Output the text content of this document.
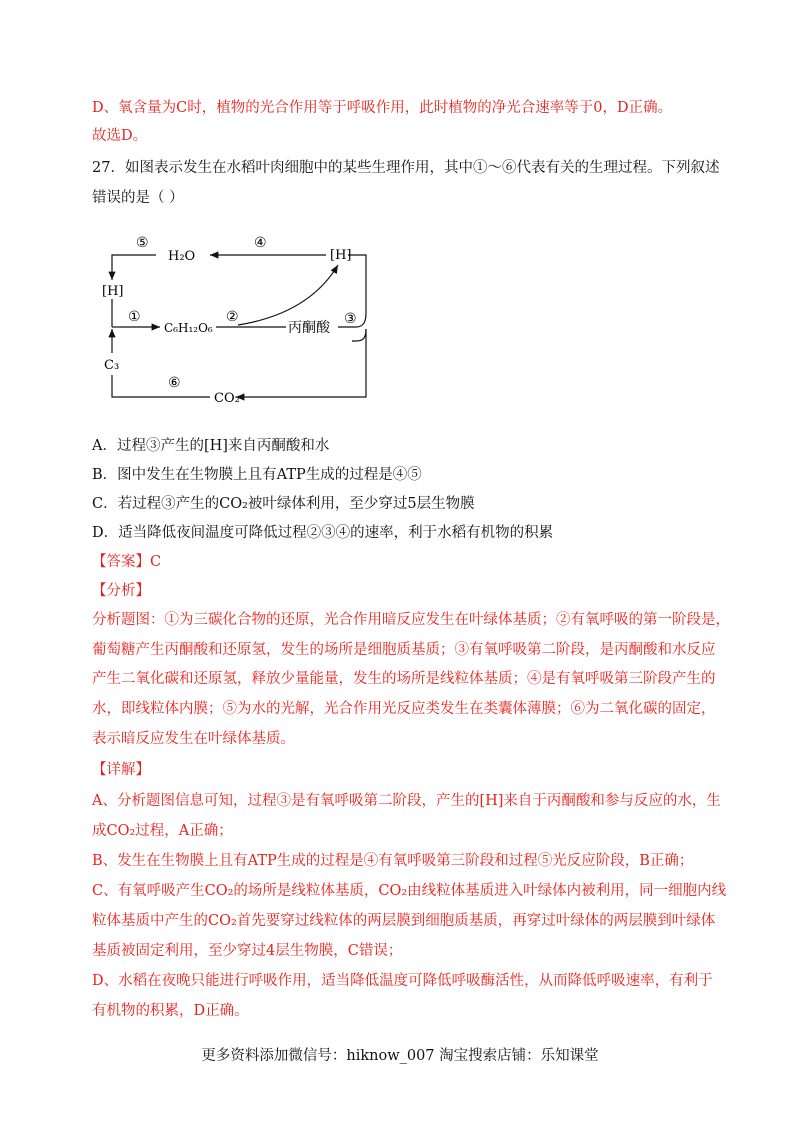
D、氧含量为C时，植物的光合作用等于呼吸作用，此时植物的净光合速率等于0，D正确。
故选D。
27．如图表示发生在水稻叶肉细胞中的某些生理作用，其中①～⑥代表有关的生理过程。下列叙述
错误的是（ ）
⑤	④
①	②	③
⑥
H₂O	[H]
[H]
C₆H₁₂O₆	丙酮酸
CO₂
C₃
A．过程③产生的[H]来自丙酮酸和水
B．图中发生在生物膜上且有ATP生成的过程是④⑤
C．若过程③产生的CO₂被叶绿体利用，至少穿过5层生物膜
D．适当降低夜间温度可降低过程②③④的速率，利于水稻有机物的积累
【答案】C
【分析】
分析题图：①为三碳化合物的还原，光合作用暗反应发生在叶绿体基质；②有氧呼吸的第一阶段是，
葡萄糖产生丙酮酸和还原氢，发生的场所是细胞质基质；③有氧呼吸第二阶段，是丙酮酸和水反应
产生二氧化碳和还原氢，释放少量能量，发生的场所是线粒体基质；④是有氧呼吸第三阶段产生的
水，即线粒体内膜；⑤为水的光解，光合作用光反应类发生在类囊体薄膜；⑥为二氧化碳的固定，
表示暗反应发生在叶绿体基质。
【详解】
A、分析题图信息可知，过程③是有氧呼吸第二阶段，产生的[H]来自于丙酮酸和参与反应的水，生
成CO₂过程，A正确；
B、发生在生物膜上且有ATP生成的过程是④有氧呼吸第三阶段和过程⑤光反应阶段，B正确；
C、有氧呼吸产生CO₂的场所是线粒体基质，CO₂由线粒体基质进入叶绿体内被利用，同一细胞内线
粒体基质中产生的CO₂首先要穿过线粒体的两层膜到细胞质基质，再穿过叶绿体的两层膜到叶绿体
基质被固定利用，至少穿过4层生物膜，C错误；
D、水稻在夜晚只能进行呼吸作用，适当降低温度可降低呼吸酶活性，从而降低呼吸速率，有利于
有机物的积累，D正确。
更多资料添加微信号：hiknow_007 淘宝搜索店铺：乐知课堂
